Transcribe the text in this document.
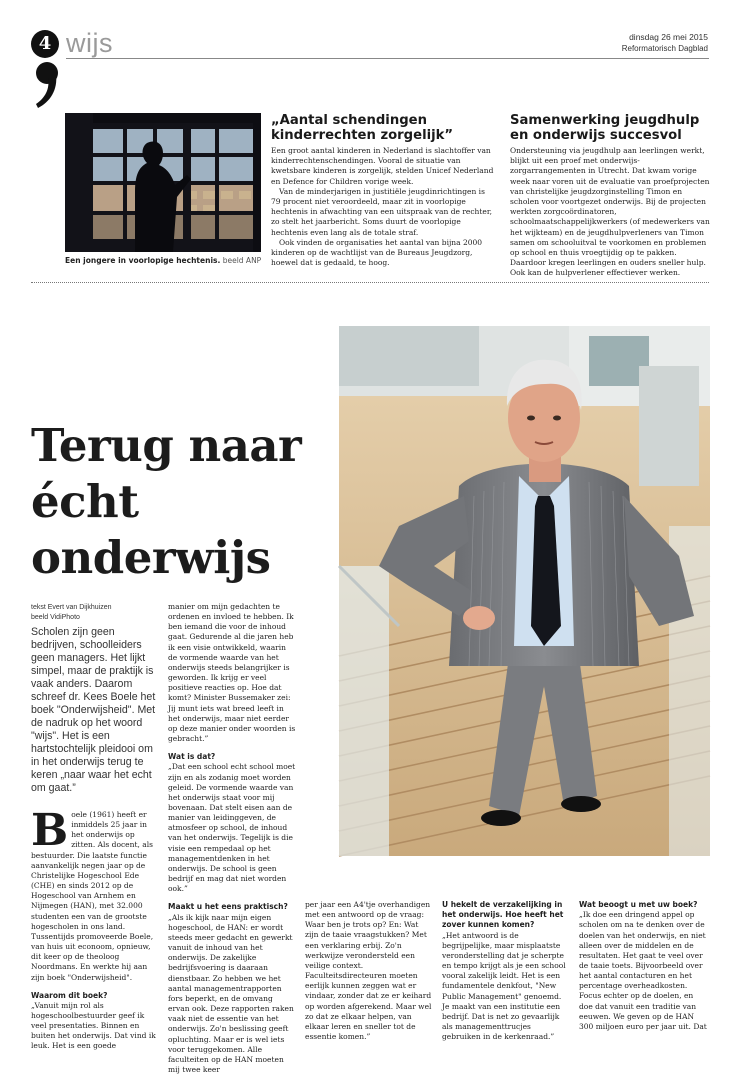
4 wijs	dinsdag 26 mei 2015
Reformatorisch Dagblad
Een jongere in voorlopige hechtenis. beeld ANP
„Aantal schendingen kinderrechten zorgelijk”

Een groot aantal kinderen in Nederland is slachtoffer van kinderrechtenschendingen. Vooral de situatie van kwetsbare kinderen is zorgelijk, stelden Unicef Nederland en Defence for Children vorige week.

Van de minderjarigen in justitiële jeugdinrichtingen is 79 procent niet veroordeeld, maar zit in voorlopige hechtenis in afwachting van een uitspraak van de rechter, zo stelt het jaarbericht. Soms duurt de voorlopige hechtenis even lang als de totale straf.

Ook vinden de organisaties het aantal van bijna 2000 kinderen op de wachtlijst van de Bureaus Jeugdzorg, hoewel dat is gedaald, te hoog.

Samenwerking jeugdhulp en onderwijs succesvol

Ondersteuning via jeugdhulp aan leerlingen werkt, blijkt uit een proef met onderwijs-zorgarrangementen in Utrecht. Dat kwam vorige week naar voren uit de evaluatie van proefprojecten van christelijke jeugdzorginstelling Timon en scholen voor voortgezet onderwijs. Bij de projecten werkten zorgcoördinatoren, schoolmaatschappelijkwerkers (of medewerkers van het wijkteam) en de jeugdhulpverleners van Timon samen om schooluitval te voorkomen en problemen op school en thuis vroegtijdig op te pakken. Daardoor kregen leerlingen en ouders sneller hulp. Ook kan de hulpverlener effectiever werken.

Terug naar écht onderwijs
tekst Evert van Dijkhuizen
beeld VidiPhoto
Scholen zijn geen bedrijven, schoolleiders geen managers. Het lijkt simpel, maar de praktijk is vaak anders. Daarom schreef dr. Kees Boele het boek "Onderwijsheid". Met de nadruk op het woord "wijs". Het is een hartstochtelijk pleidooi om in het onderwijs terug te keren „naar waar het echt om gaat.”

Boele (1961) heeft er inmiddels 25 jaar in het onderwijs op zitten. Als docent, als bestuurder. Die laatste functie aanvankelijk negen jaar op de Christelijke Hogeschool Ede (CHE) en sinds 2012 op de Hogeschool van Arnhem en Nijmegen (HAN), met 32.000 studenten een van de grootste hogescholen in ons land. Tussentijds promoveerde Boele, van huis uit econoom, opnieuw, dit keer op de theoloog Noordmans. En werkte hij aan zijn boek "Onderwijsheid".

Waarom dit boek?

„Vanuit mijn rol als hogeschoolbestuurder geef ik veel presentaties. Binnen en buiten het onderwijs. Dat vind ik leuk. Het is een goede

manier om mijn gedachten te ordenen en invloed te hebben. Ik ben iemand die voor de inhoud gaat. Gedurende al die jaren heb ik een visie ontwikkeld, waarin de vormende waarde van het onderwijs steeds belangrijker is geworden. Ik krijg er veel positieve reacties op. Hoe dat komt? Minister Bussemaker zei: Jij munt iets wat breed leeft in het onderwijs, maar niet eerder op deze manier onder woorden is gebracht.”

Wat is dat?

„Dat een school echt school moet zijn en als zodanig moet worden geleid. De vormende waarde van het onderwijs staat voor mij bovenaan. Dat stelt eisen aan de manier van leidinggeven, de atmosfeer op school, de inhoud van het onderwijs. Tegelijk is die visie een rempedaal op het managementdenken in het onderwijs. De school is geen bedrijf en mag dat niet worden ook.”

Maakt u het eens praktisch?

„Als ik kijk naar mijn eigen hogeschool, de HAN: er wordt steeds meer gedacht en gewerkt vanuit de inhoud van het onderwijs. De zakelijke bedrijfsvoering is daaraan dienstbaar. Zo hebben we het aantal managementrapporten fors beperkt, en de omvang ervan ook. Deze rapporten raken vaak niet de essentie van het onderwijs. Zo'n beslissing geeft opluchting. Maar er is wel iets voor teruggekomen. Alle faculteiten op de HAN moeten mij twee keer

per jaar een A4'tje overhandigen met een antwoord op de vraag: Waar ben je trots op? En: Wat zijn de taaie vraagstukken? Met een verklaring erbij. Zo'n werkwijze verondersteld een veilige context. Faculteitsdirecteuren moeten eerlijk kunnen zeggen wat er vindaar, zonder dat ze er keihard op worden afgerekend. Maar wel zo dat ze elkaar helpen, van elkaar leren en sneller tot de essentie komen.”

U hekelt de verzakelijking in het onderwijs. Hoe heeft het zover kunnen komen?

„Het antwoord is de begrijpelijke, maar misplaatste veronderstelling dat je scherpte en tempo krijgt als je een school vooral zakelijk leidt. Het is een fundamentele denkfout, "New Public Management" genoemd. Je maakt van een institutie een bedrijf. Dat is net zo gevaarlijk als managementtrucjes gebruiken in de kerkenraad.”

Wat beoogt u met uw boek?

„Ik doe een dringend appel op scholen om na te denken over de doelen van het onderwijs, en niet alleen over de middelen en de resultaten. Het gaat te veel over de taaie toets. Bijvoorbeeld over het aantal contacturen en het percentage overheadkosten. Focus echter op de doelen, en doe dat vanuit een traditie van eeuwen. We geven op de HAN 300 miljoen euro per jaar uit. Dat
